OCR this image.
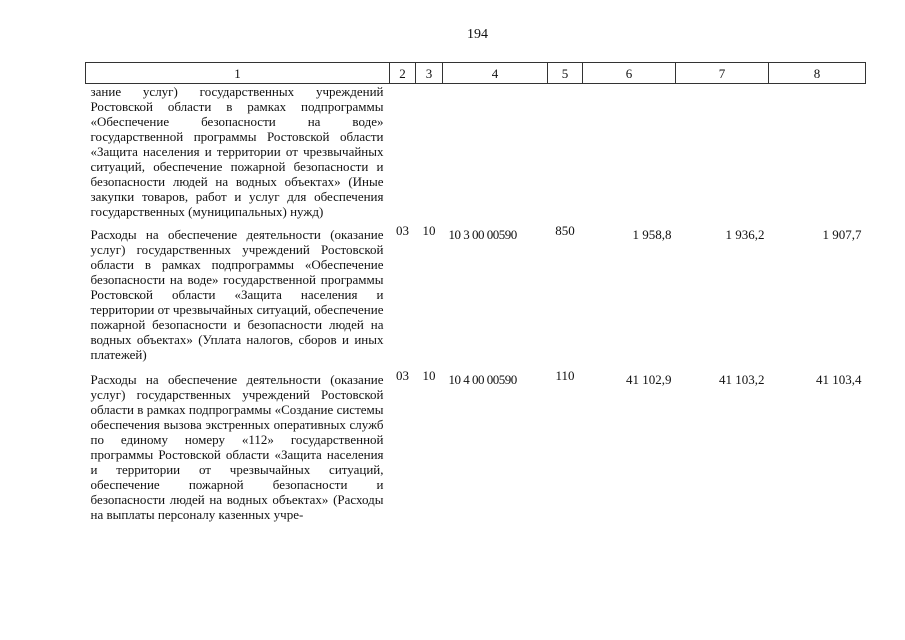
194
1	2	3	4	5	6	7	8
зание услуг) государственных учреждений Ростовской области в рамках подпрограммы «Обеспечение безопасности на воде» государственной программы Ростовской области «Защита населения и территории от чрезвычайных ситуаций, обеспечение пожарной безопасности и безопасности людей на водных объектах» (Иные закупки товаров, работ и услуг для обеспечения государственных (муниципальных) нужд)							
Расходы на обеспечение деятельности (оказание услуг) государственных учреждений Ростовской области в рамках подпрограммы «Обеспечение безопасности на воде» государственной программы Ростовской области «Защита населения и территории от чрезвычайных ситуаций, обеспечение пожарной безопасности и безопасности людей на водных объектах» (Уплата налогов, сборов и иных платежей)	03	10	10 3 00 00590	850	1 958,8	1 936,2	1 907,7
Расходы на обеспечение деятельности (оказание услуг) государственных учреждений Ростовской области в рамках подпрограммы «Создание системы обеспечения вызова экстренных оперативных служб по единому номеру «112» государственной программы Ростовской области «Защита населения и территории от чрезвычайных ситуаций, обеспечение пожарной безопасности и безопасности людей на водных объектах» (Расходы на выплаты персоналу казенных учре-	03	10	10 4 00 00590	110	41 102,9	41 103,2	41 103,4
